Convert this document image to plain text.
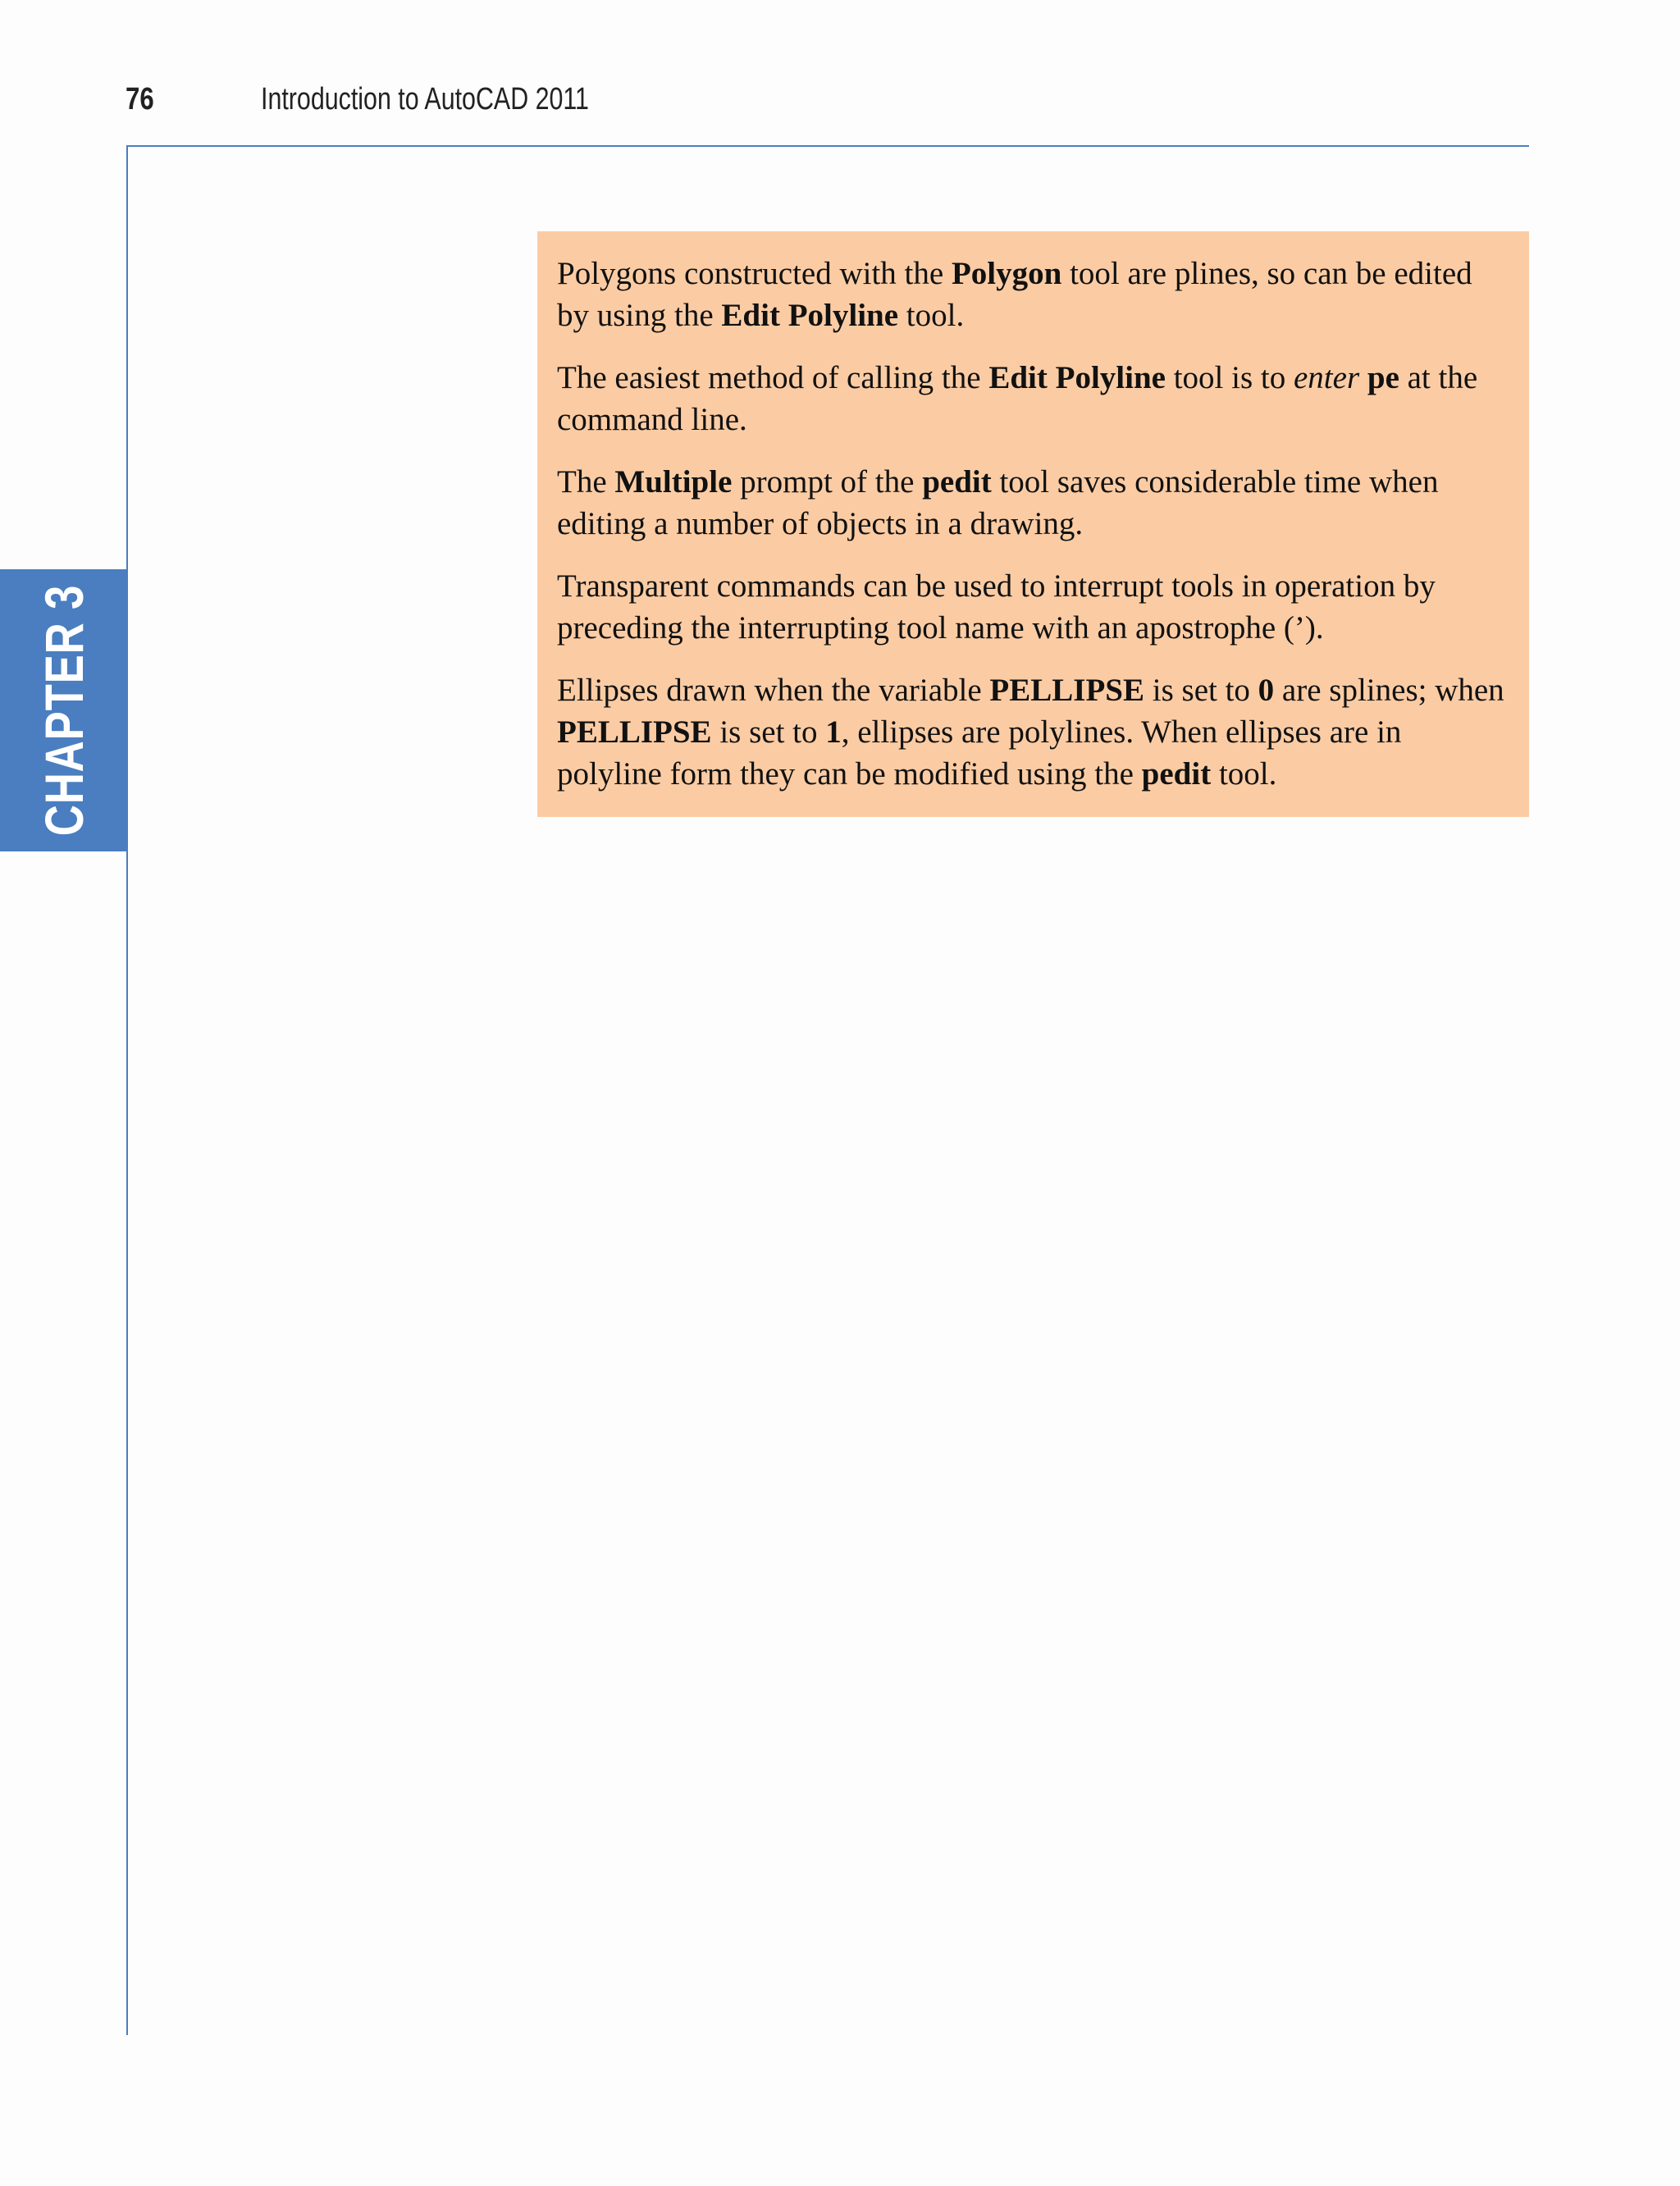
76	Introduction to AutoCAD 2011
CHAPTER 3

Polygons constructed with the Polygon tool are plines, so can be edited by using the Edit Polyline tool.

The easiest method of calling the Edit Polyline tool is to enter pe at the command line.

The Multiple prompt of the pedit tool saves considerable time when editing a number of objects in a drawing.

Transparent commands can be used to interrupt tools in operation by preceding the interrupting tool name with an apostrophe (’).

Ellipses drawn when the variable PELLIPSE is set to 0 are splines; when PELLIPSE is set to 1, ellipses are polylines. When ellipses are in polyline form they can be modified using the pedit tool.
